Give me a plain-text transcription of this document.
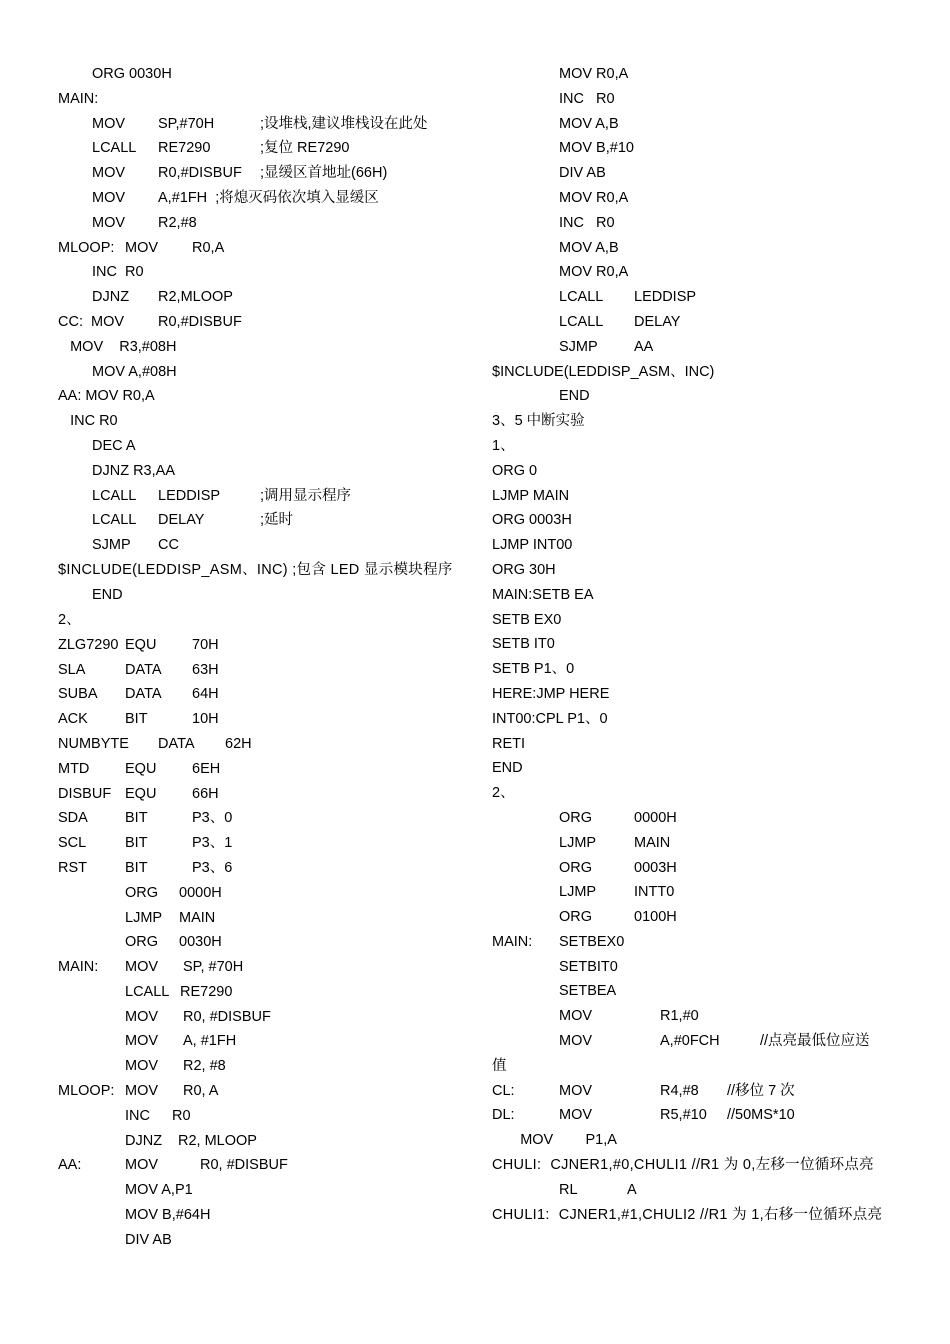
ORG 0030H
MAIN:
MOV SP,#70H	;设堆栈,建议堆栈设在此处
LCALL RE7290	;复位 RE7290
MOV R0,#DISBUF ;显缓区首地址(66H)
MOV A,#1FH  ;将熄灭码依次填入显缓区
MOV R2,#8
MLOOP: MOV R0,A
INC  R0
DJNZ R2,MLOOP
CC: MOV R0,#DISBUF
MOV    R3,#08H
MOV A,#08H
AA: MOV R0,A
INC R0
DEC A
DJNZ R3,AA
LCALL LEDDISP	;调用显示程序
LCALL DELAY	;延时
SJMP CC
$INCLUDE(LEDDISP_ASM、INC) ;包含 LED 显示模块程序
END
2、
ZLG7290 EQU 70H
SLA	DATA 63H
SUBA DATA 64H
ACK	BIT	10H
NUMBYTE DATA 62H
MTD EQU 6EH
DISBUF EQU 66H
SDA	BIT	P3、0
SCL	BIT	P3、1
RST	BIT	P3、6
ORG 0000H
LJMP MAIN
ORG 0030H
MAIN: MOV SP, #70H
LCALL RE7290
MOV R0, #DISBUF
MOV A, #1FH
MOV R2, #8
MLOOP: MOV R0, A
INC R0
DJNZ R2, MLOOP
AA:	MOV	R0, #DISBUF
MOV A,P1
MOV B,#64H
DIV AB
MOV R0,A
INC   R0
MOV A,B
MOV B,#10
DIV AB
MOV R0,A
INC   R0
MOV A,B
MOV R0,A
LCALL LEDDISP
LCALL DELAY
SJMP	AA
$INCLUDE(LEDDISP_ASM、INC)
END
3、5 中断实验
1、
ORG 0
LJMP MAIN
ORG 0003H
LJMP INT00
ORG 30H
MAIN:SETB EA
SETB EX0
SETB IT0
SETB P1、0
HERE:JMP HERE
INT00:CPL P1、0
RETI
END
2、
ORG	0000H
LJMP	MAIN
ORG	0003H
LJMP	INTT0
ORG	0100H
MAIN: SETBEX0
SETBIT0
SETBEA
MOV	R1,#0
MOV	A,#0FCH	//点亮最低位应送
值
CL:	MOV	R4,#8 //移位 7 次
DL:	MOV	R5,#10 //50MS*10
MOV        P1,A
CHULI: CJNER1,#0,CHULI1 //R1 为 0,左移一位循环点亮
RL	A
CHULI1: CJNER1,#1,CHULI2 //R1 为 1,右移一位循环点亮
